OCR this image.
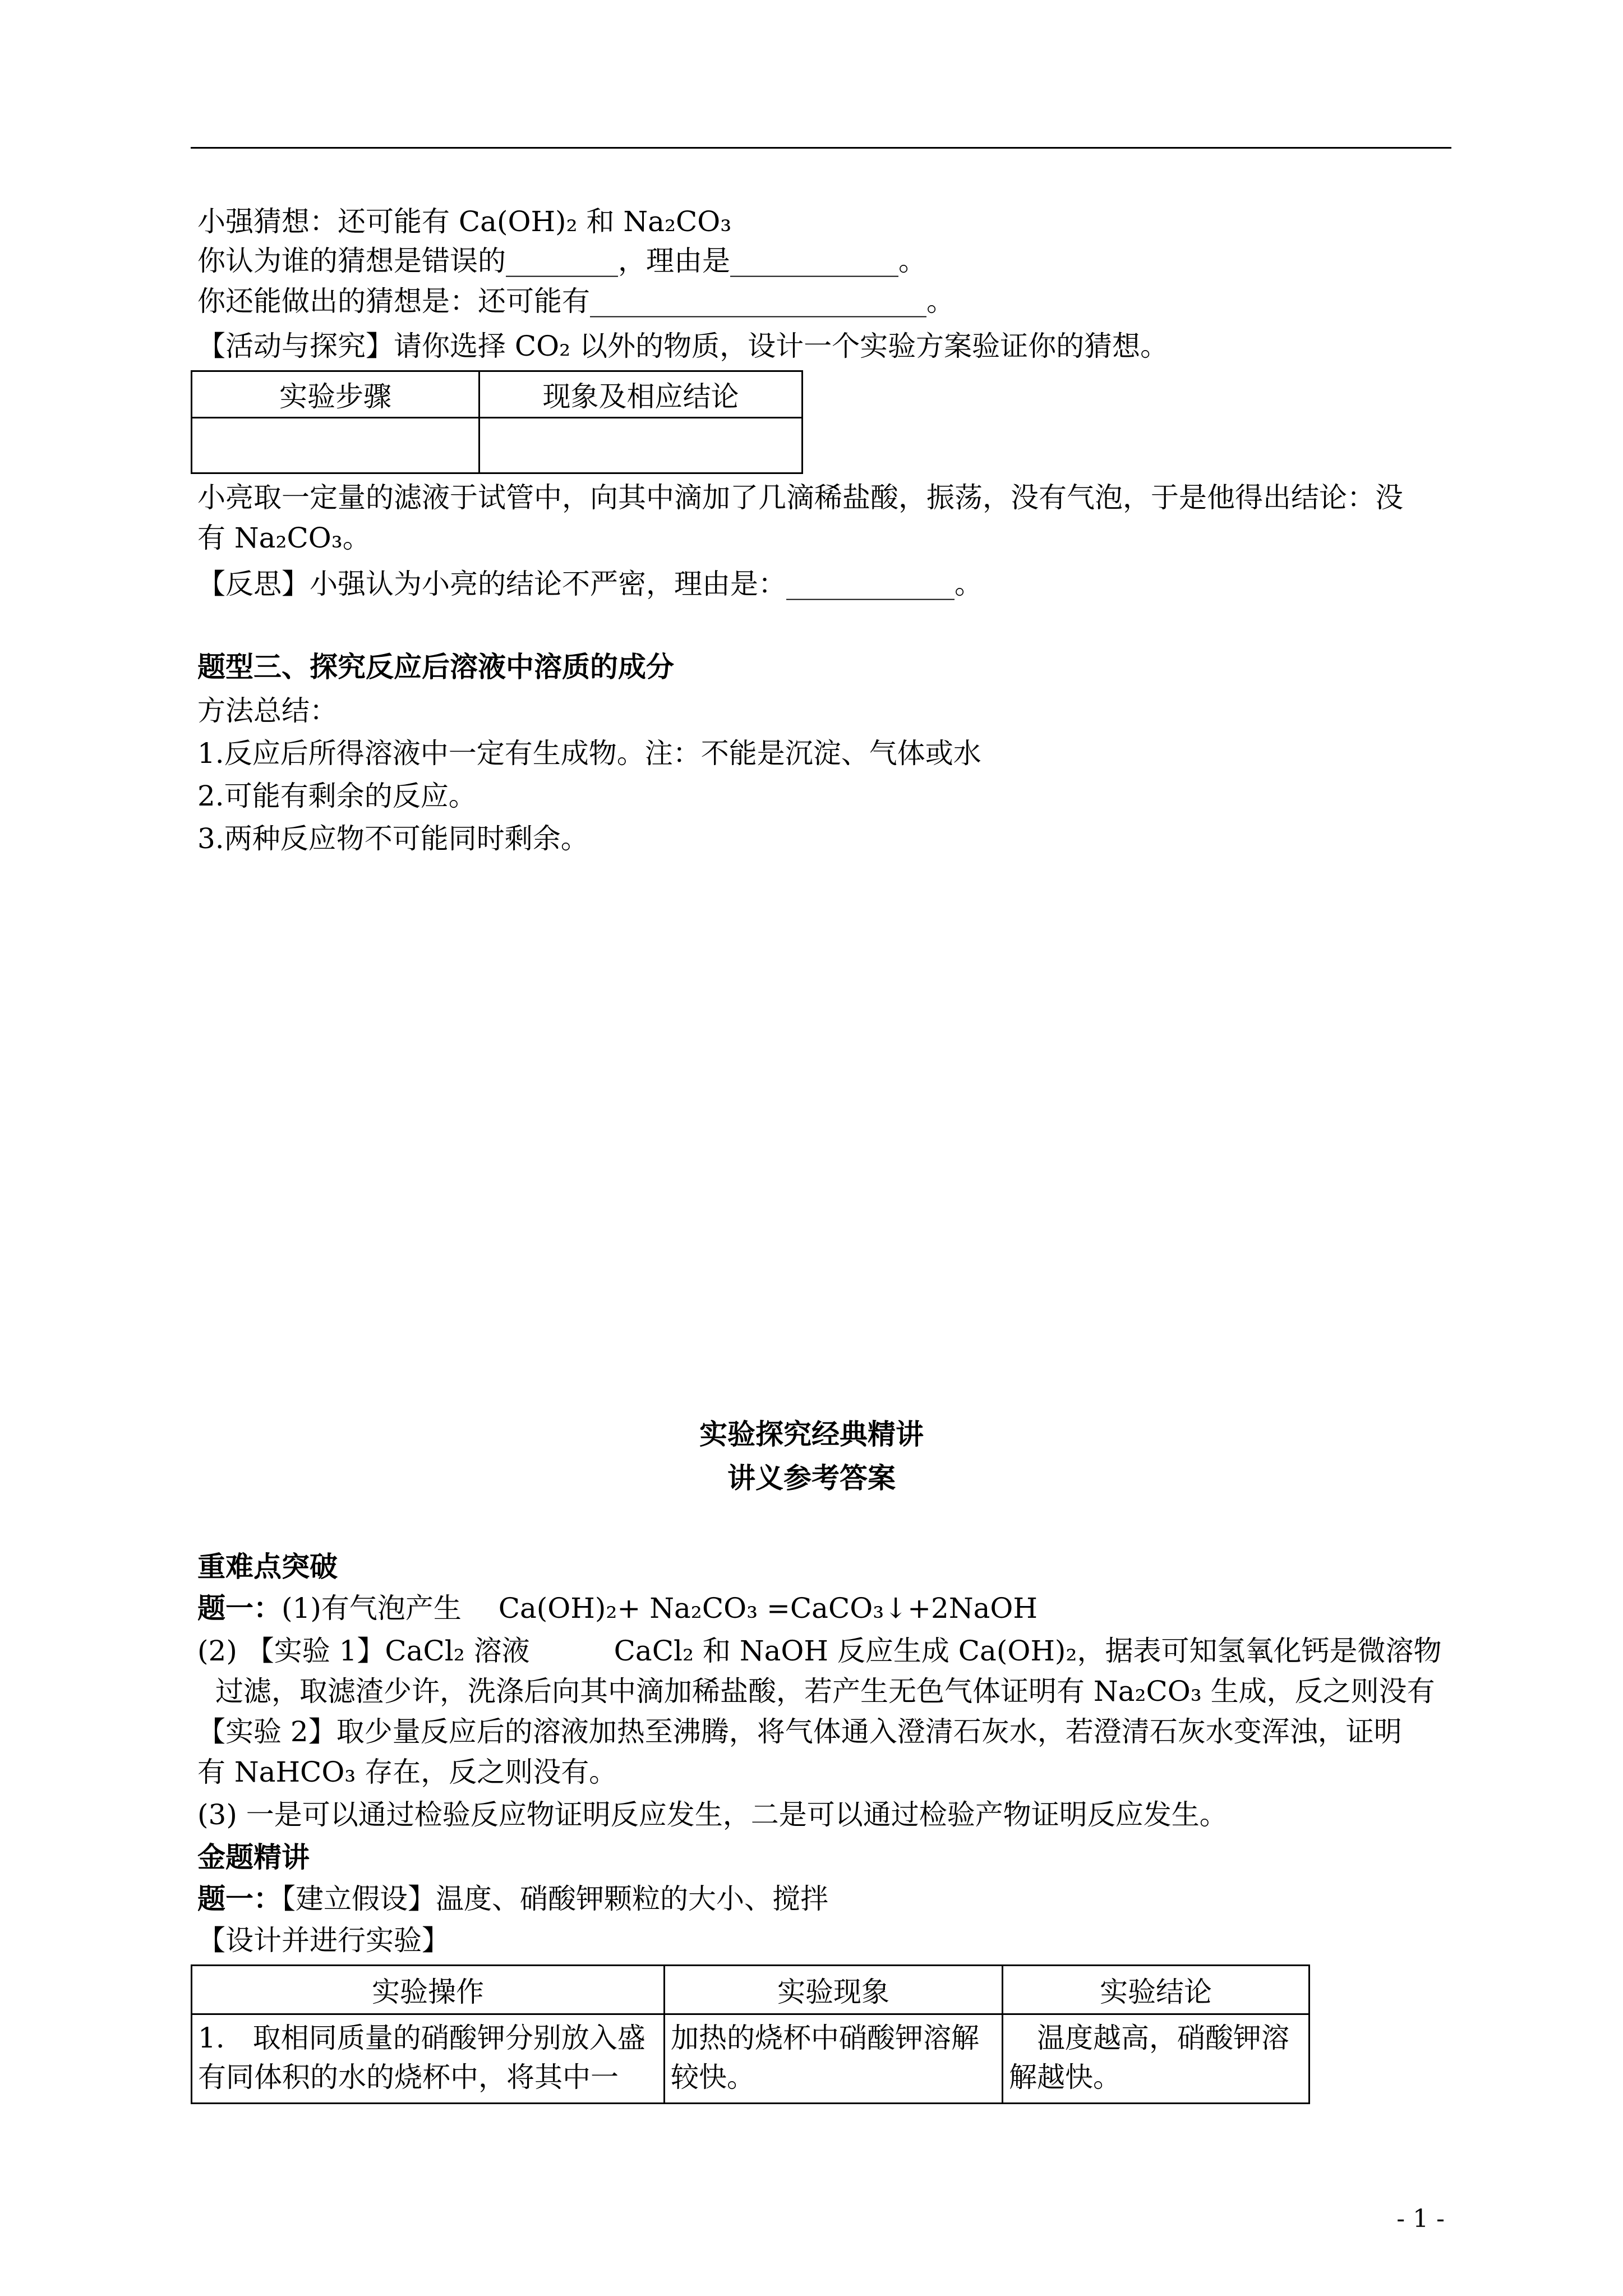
小强猜想：还可能有 Ca(OH)₂ 和 Na₂CO₃
你认为谁的猜想是错误的________，理由是____________。
你还能做出的猜想是：还可能有________________________。
【活动与探究】请你选择 CO₂ 以外的物质，设计一个实验方案验证你的猜想。
实验步骤	现象及相应结论

小亮取一定量的滤液于试管中，向其中滴加了几滴稀盐酸，振荡，没有气泡，于是他得出结论：没
有 Na₂CO₃。
【反思】小强认为小亮的结论不严密，理由是：____________。
题型三、探究反应后溶液中溶质的成分
方法总结：
1.反应后所得溶液中一定有生成物。注：不能是沉淀、气体或水
2.可能有剩余的反应。
3.两种反应物不可能同时剩余。
实验探究经典精讲
讲义参考答案
重难点突破
题一：(1)有气泡产生　 Ca(OH)₂+ Na₂CO₃ =CaCO₃↓+2NaOH
(2) 【实验 1】CaCl₂ 溶液　　　CaCl₂ 和 NaOH 反应生成 Ca(OH)₂，据表可知氢氧化钙是微溶物
过滤，取滤渣少许，洗涤后向其中滴加稀盐酸，若产生无色气体证明有 Na₂CO₃ 生成，反之则没有
【实验 2】取少量反应后的溶液加热至沸腾，将气体通入澄清石灰水，若澄清石灰水变浑浊，证明
有 NaHCO₃ 存在，反之则没有。
(3) 一是可以通过检验反应物证明反应发生，二是可以通过检验产物证明反应发生。
金题精讲
题一：【建立假设】温度、硝酸钾颗粒的大小、搅拌
【设计并进行实验】
实验操作	实验现象	实验结论
1.　取相同质量的硝酸钾分别放入盛有同体积的水的烧杯中，将其中一	加热的烧杯中硝酸钾溶解较快。	　温度越高，硝酸钾溶解越快。
- 1 -
